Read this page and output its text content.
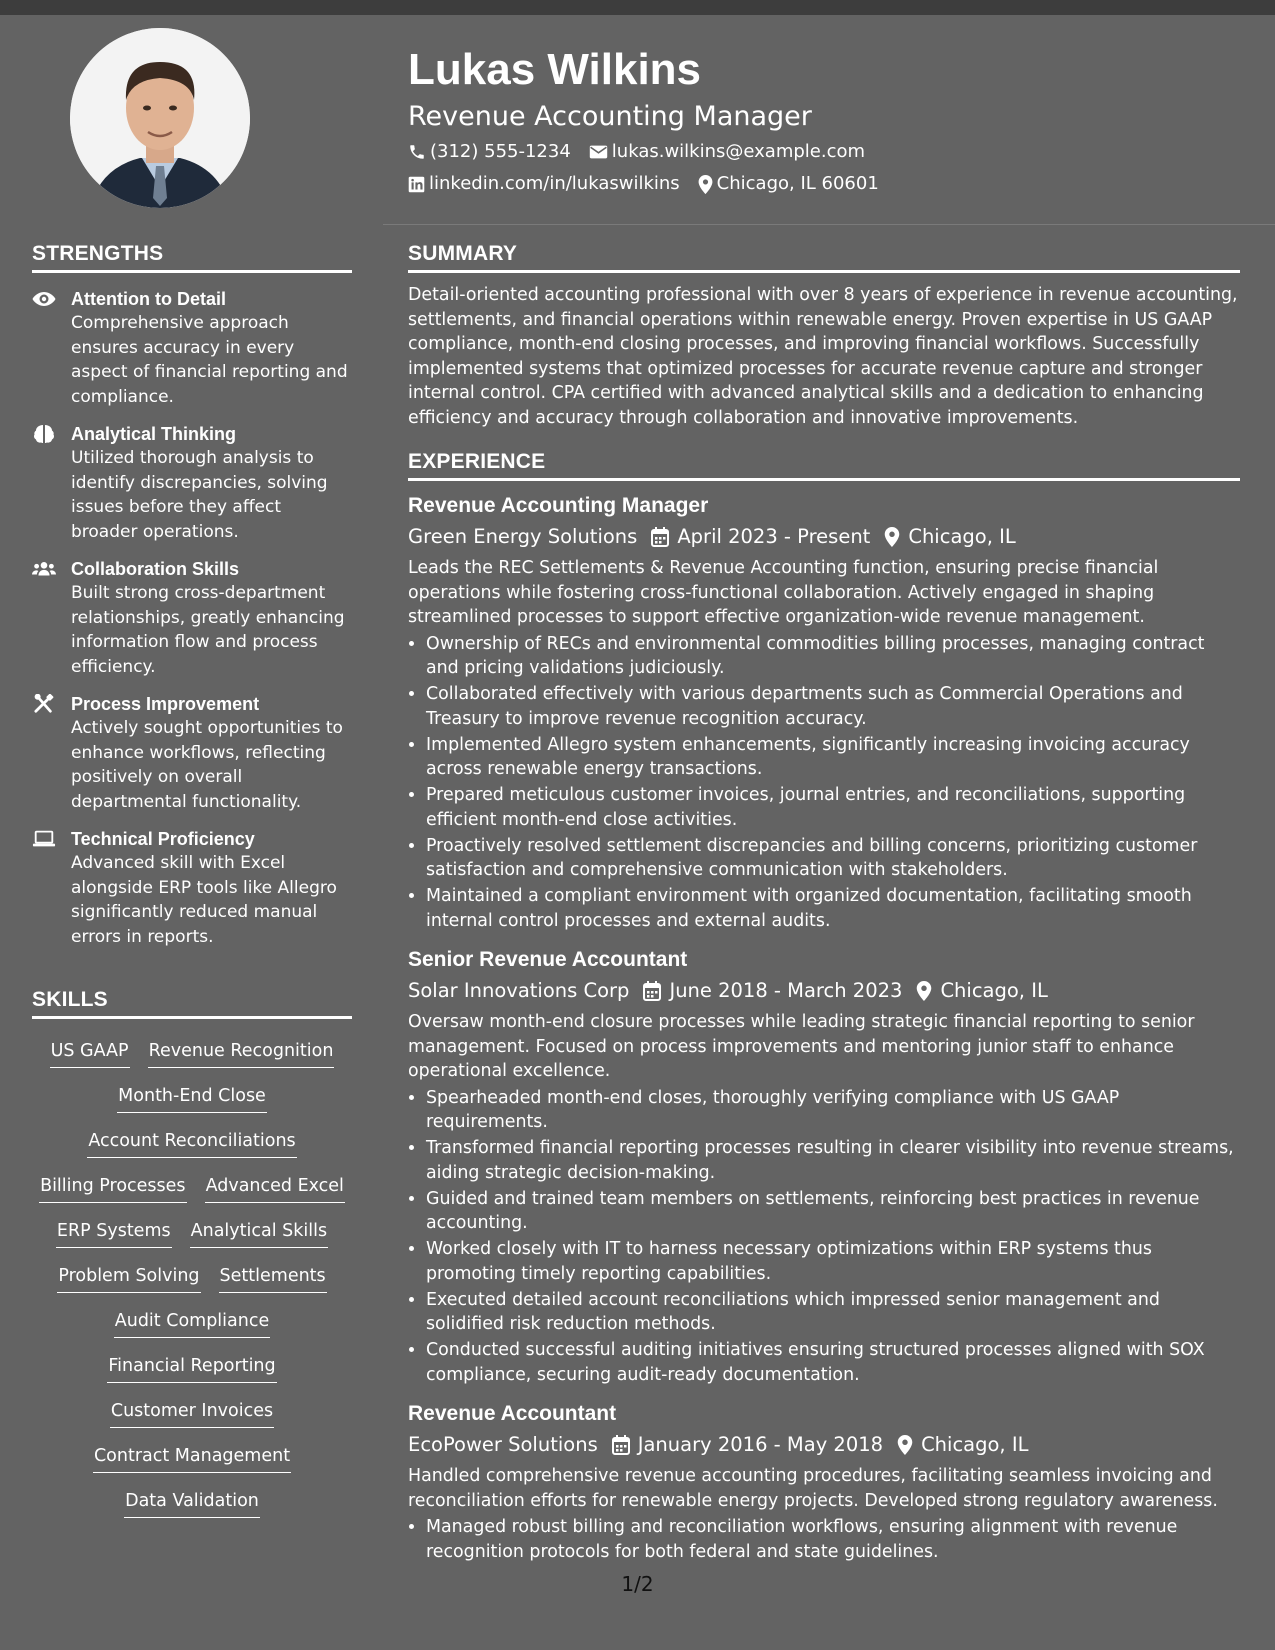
Lukas Wilkins
Revenue Accounting Manager
(312) 555-1234 lukas.wilkins@example.com
linkedin.com/in/lukaswilkins Chicago, IL 60601
STRENGTHS
Attention to Detail
Comprehensive approach ensures accuracy in every aspect of financial reporting and compliance.
Analytical Thinking
Utilized thorough analysis to identify discrepancies, solving issues before they affect broader operations.
Collaboration Skills
Built strong cross-department relationships, greatly enhancing information flow and process efficiency.
Process Improvement
Actively sought opportunities to enhance workflows, reflecting positively on overall departmental functionality.
Technical Proficiency
Advanced skill with Excel alongside ERP tools like Allegro significantly reduced manual errors in reports.
SKILLS
US GAAP Revenue Recognition
Month-End Close
Account Reconciliations
Billing Processes Advanced Excel
ERP Systems Analytical Skills
Problem Solving Settlements
Audit Compliance
Financial Reporting
Customer Invoices
Contract Management
Data Validation
SUMMARY

Detail-oriented accounting professional with over 8 years of experience in revenue accounting, settlements, and financial operations within renewable energy. Proven expertise in US GAAP compliance, month-end closing processes, and improving financial workflows. Successfully implemented systems that optimized processes for accurate revenue capture and stronger internal control. CPA certified with advanced analytical skills and a dedication to enhancing efficiency and accuracy through collaboration and innovative improvements.

EXPERIENCE
Revenue Accounting Manager
Green Energy Solutions April 2023 - Present Chicago, IL
Leads the REC Settlements & Revenue Accounting function, ensuring precise financial operations while fostering cross-functional collaboration. Actively engaged in shaping streamlined processes to support effective organization-wide revenue management.
• Ownership of RECs and environmental commodities billing processes, managing contract and pricing validations judiciously.
• Collaborated effectively with various departments such as Commercial Operations and Treasury to improve revenue recognition accuracy.
• Implemented Allegro system enhancements, significantly increasing invoicing accuracy across renewable energy transactions.
• Prepared meticulous customer invoices, journal entries, and reconciliations, supporting efficient month-end close activities.
• Proactively resolved settlement discrepancies and billing concerns, prioritizing customer satisfaction and comprehensive communication with stakeholders.
• Maintained a compliant environment with organized documentation, facilitating smooth internal control processes and external audits.
Senior Revenue Accountant
Solar Innovations Corp June 2018 - March 2023 Chicago, IL
Oversaw month-end closure processes while leading strategic financial reporting to senior management. Focused on process improvements and mentoring junior staff to enhance operational excellence.
• Spearheaded month-end closes, thoroughly verifying compliance with US GAAP requirements.
• Transformed financial reporting processes resulting in clearer visibility into revenue streams, aiding strategic decision-making.
• Guided and trained team members on settlements, reinforcing best practices in revenue accounting.
• Worked closely with IT to harness necessary optimizations within ERP systems thus promoting timely reporting capabilities.
• Executed detailed account reconciliations which impressed senior management and solidified risk reduction methods.
• Conducted successful auditing initiatives ensuring structured processes aligned with SOX compliance, securing audit-ready documentation.
Revenue Accountant
EcoPower Solutions January 2016 - May 2018 Chicago, IL
Handled comprehensive revenue accounting procedures, facilitating seamless invoicing and reconciliation efforts for renewable energy projects. Developed strong regulatory awareness.
• Managed robust billing and reconciliation workflows, ensuring alignment with revenue recognition protocols for both federal and state guidelines.
1/2
